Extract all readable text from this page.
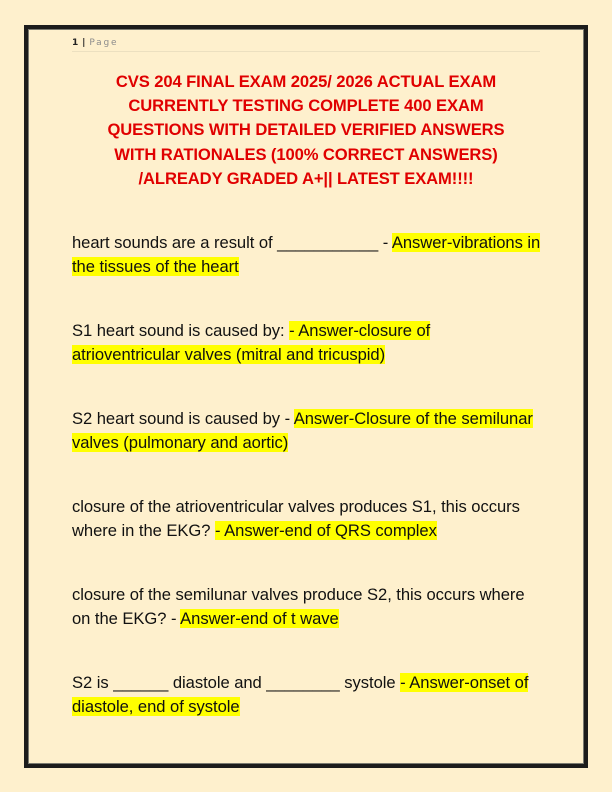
1 | Page
CVS 204 FINAL EXAM 2025/ 2026 ACTUAL EXAM
CURRENTLY TESTING COMPLETE 400 EXAM
QUESTIONS WITH DETAILED VERIFIED ANSWERS
WITH RATIONALES (100% CORRECT ANSWERS)
/ALREADY GRADED A+|| LATEST EXAM!!!!
heart sounds are a result of ___________ - Answer-vibrations in the tissues of the heart
S1 heart sound is caused by: - Answer-closure of atrioventricular valves (mitral and tricuspid)
S2 heart sound is caused by - Answer-Closure of the semilunar valves (pulmonary and aortic)
closure of the atrioventricular valves produces S1, this occurs where in the EKG? - Answer-end of QRS complex
closure of the semilunar valves produce S2, this occurs where on the EKG? - Answer-end of t wave
S2 is ______ diastole and ________ systole - Answer-onset of diastole, end of systole
